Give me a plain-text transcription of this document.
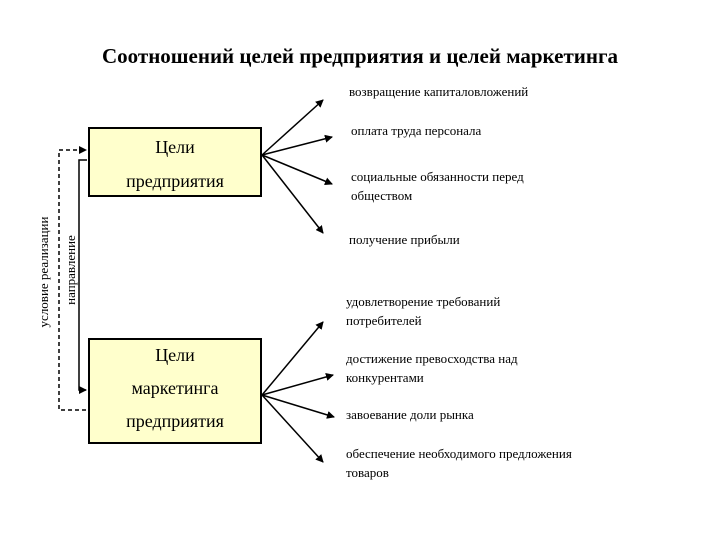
Соотношений целей предприятия и целей маркетинга
Цели
предприятия
Цели
маркетинга
предприятия
условие реализации направление
возвращение капиталовложений
оплата труда персонала
социальные обязанности перед
обществом
получение прибыли
удовлетворение требований
потребителей
достижение превосходства над
конкурентами
завоевание доли рынка
обеспечение необходимого предложения
товаров
